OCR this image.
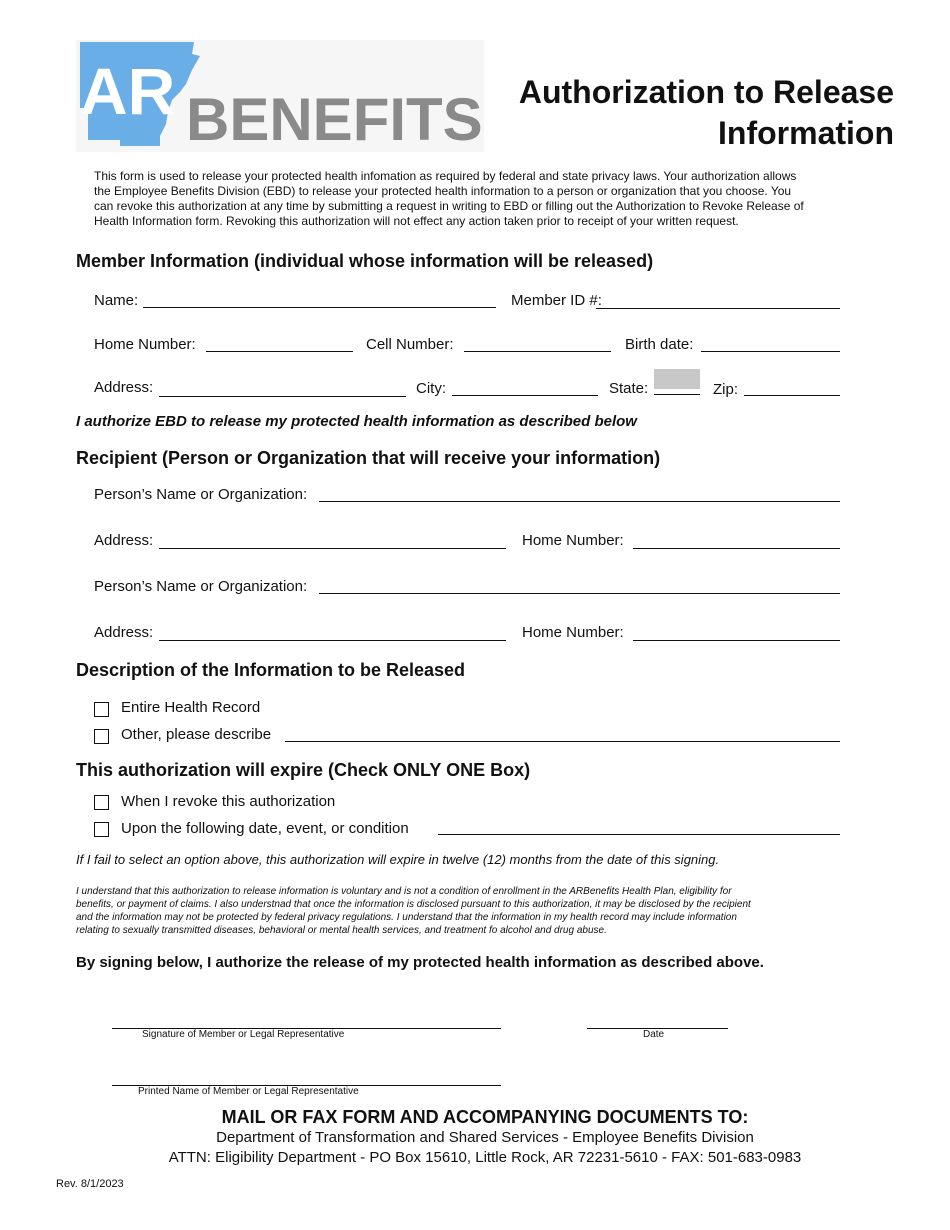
AR BENEFITS	Authorization to Release
Information
This form is used to release your protected health infomation as required by federal and state privacy laws. Your authorization allows
the Employee Benefits Division (EBD) to release your protected health information to a person or organization that you choose. You
can revoke this authorization at any time by submitting a request in writing to EBD or filling out the Authorization to Revoke Release of
Health Information form. Revoking this authorization will not effect any action taken prior to receipt of your written request.
Member Information (individual whose information will be released)
Name:	Member ID #:
Home Number:	Cell Number:	Birth date:
Address:	City:	State:	Zip:
I authorize EBD to release my protected health information as described below
Recipient (Person or Organization that will receive your information)
Person’s Name or Organization:
Address:	Home Number:
Person’s Name or Organization:
Address:	Home Number:
Description of the Information to be Released
Entire Health Record
Other, please describe
This authorization will expire (Check ONLY ONE Box)
When I revoke this authorization
Upon the following date, event, or condition
If I fail to select an option above, this authorization will expire in twelve (12) months from the date of this signing.
I understand that this authorization to release information is voluntary and is not a condition of enrollment in the ARBenefits Health Plan, eligibility for
benefits, or payment of claims. I also understnad that once the information is disclosed pursuant to this authorization, it may be disclosed by the recipient
and the information may not be protected by federal privacy regulations. I understand that the information in my health record may include information
relating to sexually transmitted diseases, behavioral or mental health services, and treatment fo alcohol and drug abuse.
By signing below, I authorize the release of my protected health information as described above.
Signature of Member or Legal Representative	Date
Printed Name of Member or Legal Representative
MAIL OR FAX FORM AND ACCOMPANYING DOCUMENTS TO:
Department of Transformation and Shared Services - Employee Benefits Division
ATTN: Eligibility Department - PO Box 15610, Little Rock, AR 72231-5610 - FAX: 501-683-0983
Rev. 8/1/2023
